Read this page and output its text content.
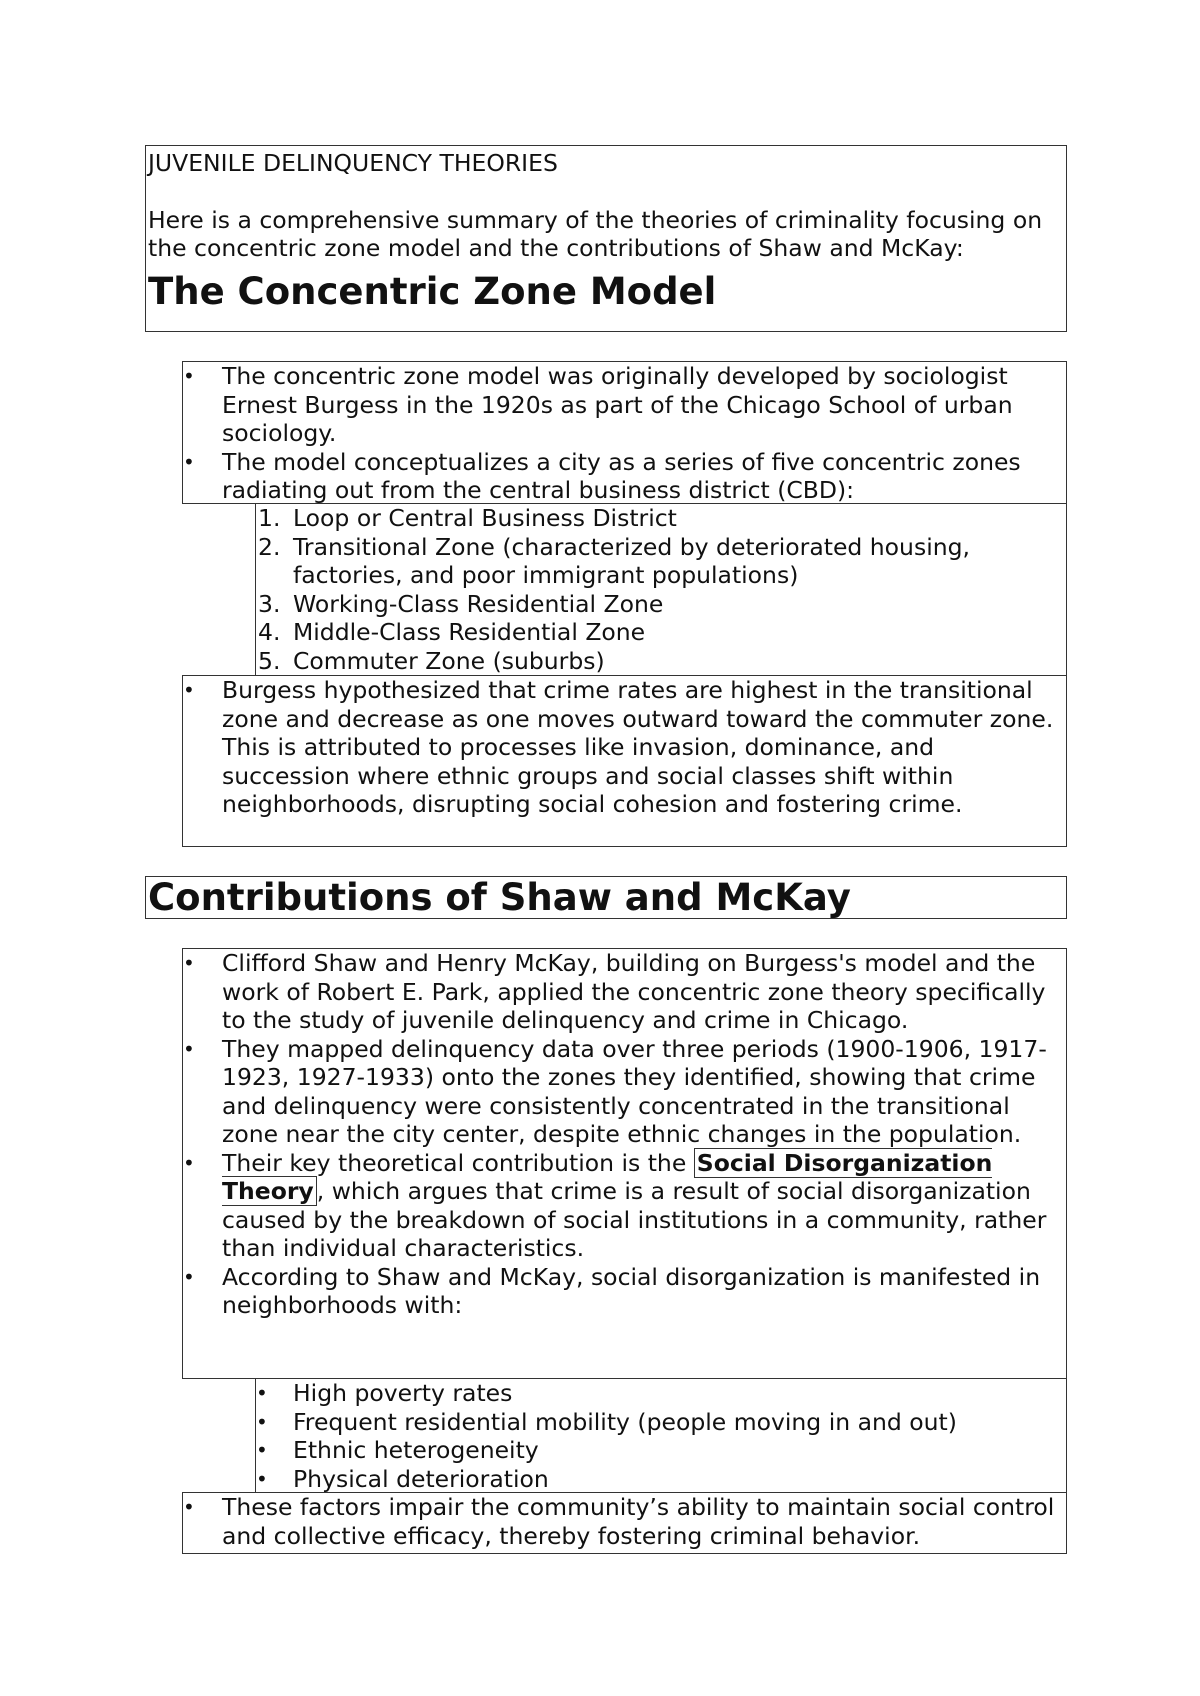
JUVENILE DELINQUENCY THEORIES

Here is a comprehensive summary of the theories of criminality focusing on the concentric zone model and the contributions of Shaw and McKay:

The Concentric Zone Model
• The concentric zone model was originally developed by sociologist Ernest Burgess in the 1920s as part of the Chicago School of urban sociology.
• The model conceptualizes a city as a series of five concentric zones radiating out from the central business district (CBD):
1. Loop or Central Business District
2. Transitional Zone (characterized by deteriorated housing, factories, and poor immigrant populations)
3. Working-Class Residential Zone
4. Middle-Class Residential Zone
5. Commuter Zone (suburbs)
• Burgess hypothesized that crime rates are highest in the transitional zone and decrease as one moves outward toward the commuter zone. This is attributed to processes like invasion, dominance, and succession where ethnic groups and social classes shift within neighborhoods, disrupting social cohesion and fostering crime.
Contributions of Shaw and McKay
• Clifford Shaw and Henry McKay, building on Burgess's model and the work of Robert E. Park, applied the concentric zone theory specifically to the study of juvenile delinquency and crime in Chicago.
• They mapped delinquency data over three periods (1900-1906, 1917-1923, 1927-1933) onto the zones they identified, showing that crime and delinquency were consistently concentrated in the transitional zone near the city center, despite ethnic changes in the population.
• Their key theoretical contribution is the Social Disorganization Theory , which argues that crime is a result of social disorganization caused by the breakdown of social institutions in a community, rather than individual characteristics.
• According to Shaw and McKay, social disorganization is manifested in neighborhoods with:
• High poverty rates
• Frequent residential mobility (people moving in and out)
• Ethnic heterogeneity
• Physical deterioration
• These factors impair the community’s ability to maintain social control and collective efficacy, thereby fostering criminal behavior.
